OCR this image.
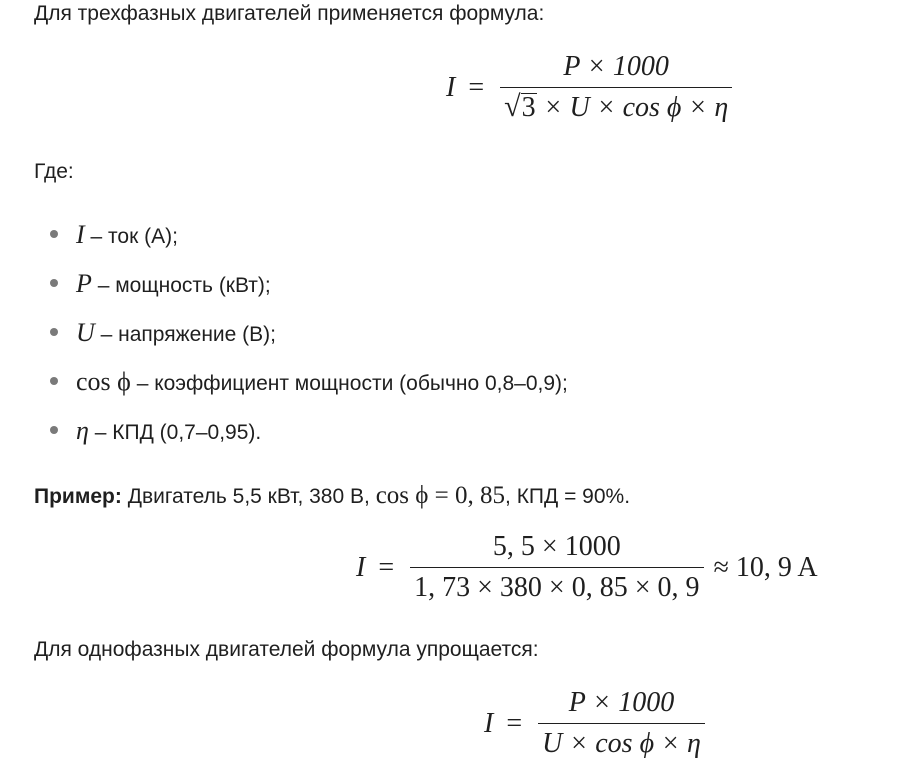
Для трехфазных двигателей применяется формула:
$I = \frac{P \times 1000}{\text{√ 3 × U × cos ϕ × η}}$
Где:
I – ток (А);
P – мощность (кВт);
U – напряжение (В);
cos ϕ – коэффициент мощности (обычно 0,8–0,9);
η – КПД (0,7–0,95).
Пример: Двигатель 5,5 кВт, 380 В, cos ϕ = 0, 85, КПД = 90%.
$I = \frac{5, 5 \times 1000}{1, 73 \times 380 \times 0, 85 \times 0, 9} \approx 10$, 9 A
Для однофазных двигателей формула упрощается:
$I = \frac{P \times 1000}{\text{U × cos ϕ × η}}$
